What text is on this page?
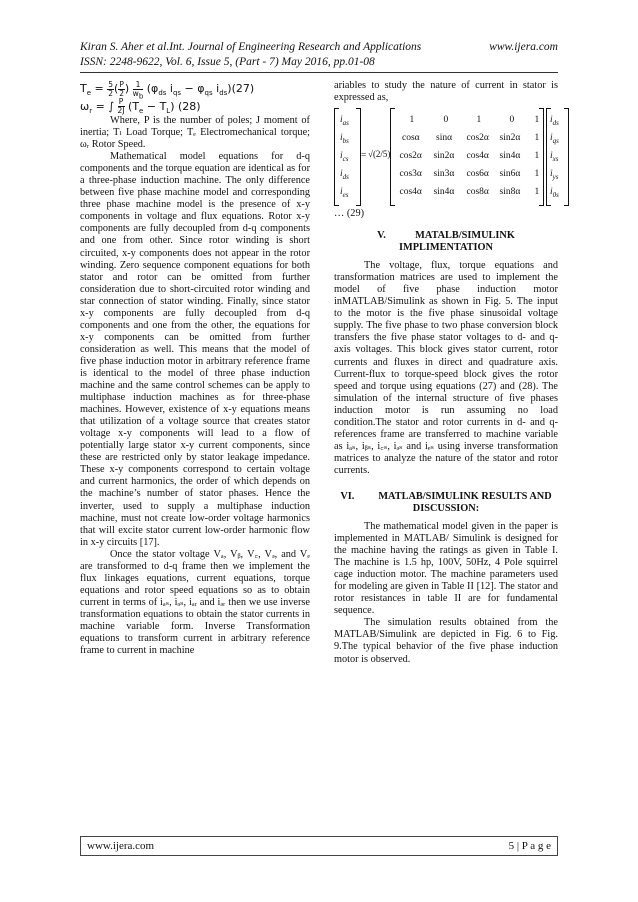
Kiran S. Aher et al.Int. Journal of Engineering Research and Applications	www.ijera.com
ISSN: 2248-9622, Vol. 6, Issue 5, (Part - 7) May 2016, pp.01-08
$T_e = 5$
2( P
2) 1
$w_b$ ($\varphi_{ds}$ $i_{qs} - \varphi_{qs}$ $i_{ds})(27)$
$\omega_r$ = ∫ P
2J $(T_e - T_L)$ (28)

Where, P is the number of poles; J moment of inertia; Tₗ Load Torque; Tₑ Electromechanical torque; ωᵣ Rotor Speed.

Mathematical model equations for d-q components and the torque equation are identical as for a three-phase induction machine. The only difference between five phase machine model and corresponding three phase machine model is the presence of x-y components in voltage and flux equations. Rotor x-y components are fully decoupled from d-q components and one from other. Since rotor winding is short circuited, x-y components does not appear in the rotor winding. Zero sequence component equations for both stator and rotor can be omitted from further consideration due to short-circuited rotor winding and star connection of stator winding. Finally, since stator x-y components are fully decoupled from d-q components and one from the other, the equations for x-y components can be omitted from further consideration as well. This means that the model of five phase induction motor in arbitrary reference frame is identical to the model of three phase induction machine and the same control schemes can be apply to multiphase induction machines as for three-phase machines. However, existence of x-y equations means that utilization of a voltage source that creates stator voltage x-y components will lead to a flow of potentially large stator x-y current components, since these are restricted only by stator leakage impedance. These x-y components correspond to certain voltage and current harmonics, the order of which depends on the machine’s number of stator phases. Hence the inverter, used to supply a multiphase induction machine, must not create low-order voltage harmonics that will excite stator current low-order harmonic flow in x-y circuits [17].

Once the stator voltage Vₐ, Vᵦ, V꜀, Vₔ, and Vₑ are transformed to d-q frame then we implement the flux linkages equations, current equations, torque equations and rotor speed equations so as to obtain current in terms of iₐₛ, iₔₛ, iₐᵣ and iₔᵣ then we use inverse transformation equations to obtain the stator currents in machine variable form. Inverse Transformation equations to transform current in arbitrary reference frame to current in machine

ariables to study the nature of current in stator is expressed as,

$i_{as}$
$i_{bs}$
$i_{cs}$
$i_{ds}$
$i_{es}$
$i_{ds}$
$i_{qs}$
$i_{xs}$
$i_{ys}$
$i_{0s}$
= √(2/5)
1	0	1	0 1
cosα sinα cos2α sin2α 1
cos2α sin2α cos4α sin4α 1
cos3α sin3α cos6α sin6α 1
cos4α sin4α cos8α sin8α 1

… (29)

V.	MATALB/SIMULINK IMPLIMENTATION

The voltage, flux, torque equations and transformation matrices are used to implement the model of five phase induction motor inMATLAB/Simulink as shown in Fig. 5. The input to the motor is the five phase sinusoidal voltage supply. The five phase to two phase conversion block transfers the five phase stator voltages to d- and q- axis voltages. This block gives stator current, rotor currents and fluxes in direct and quadrature axis. Current-flux to torque-speed block gives the rotor speed and torque using equations (27) and (28). The simulation of the internal structure of five phases induction motor is run assuming no load condition.The stator and rotor currents in d- and q- references frame are transferred to machine variable as iₐₛ, iᵦₛ, i꜀ₛ, iₔₛ and iₑₛ using inverse transformation matrices to analyze the nature of the stator and rotor currents.

VI. MATLAB/SIMULINK RESULTS AND DISCUSSION:

The mathematical model given in the paper is implemented in MATLAB/ Simulink is designed for the machine having the ratings as given in Table I. The machine is 1.5 hp, 100V, 50Hz, 4 Pole squirrel cage induction motor. The machine parameters used for modeling are given in Table II [12]. The stator and rotor resistances in table II are for fundamental sequence.

The simulation results obtained from the MATLAB/Simulink are depicted in Fig. 6 to Fig. 9.The typical behavior of the five phase induction motor is observed.

www.ijera.com	5 | P a g e
